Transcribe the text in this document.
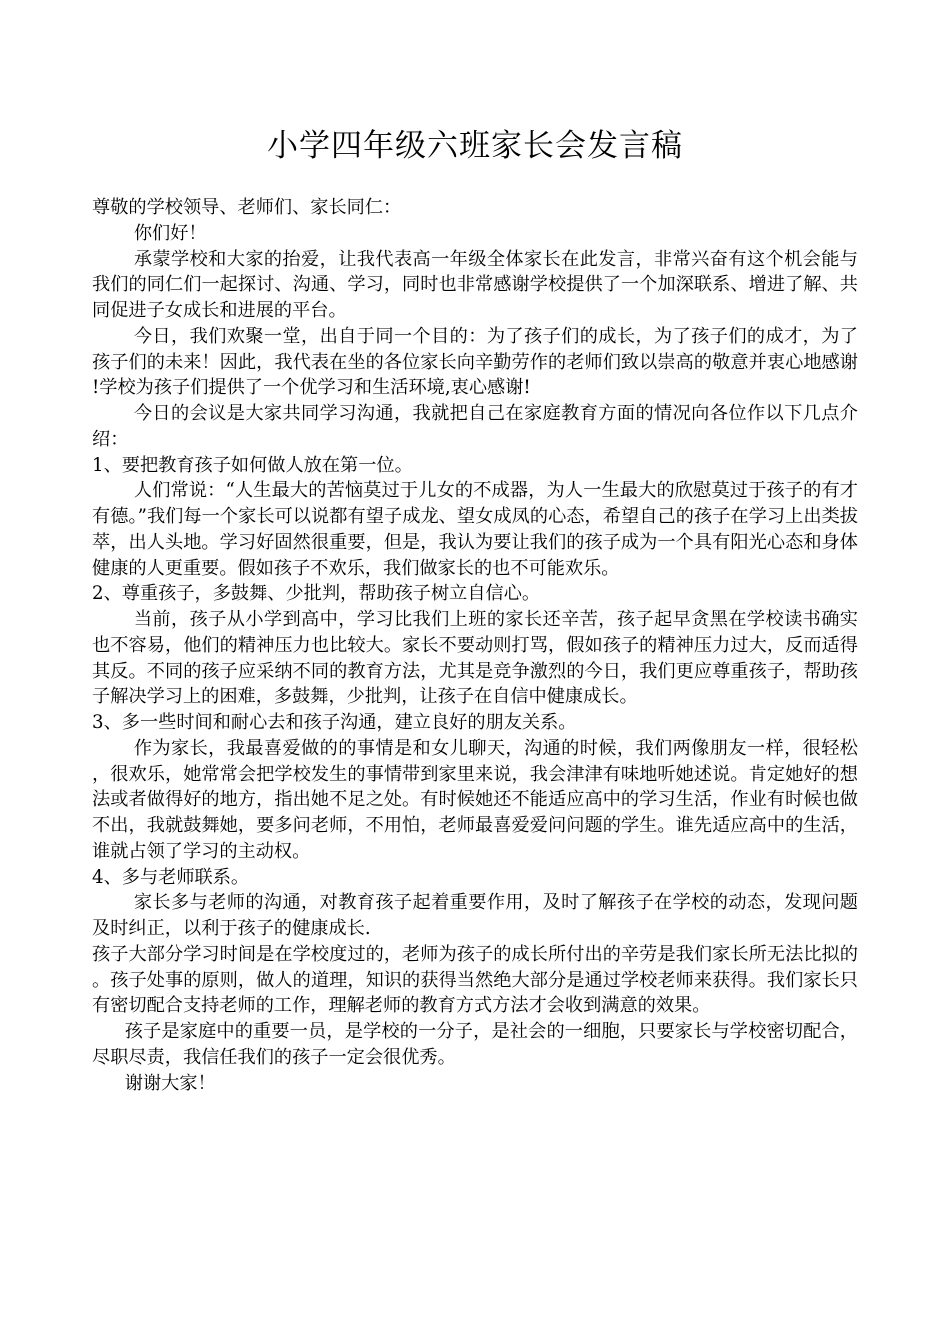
小学四年级六班家长会发言稿

尊敬的学校领导、老师们、家长同仁：

你们好！

承蒙学校和大家的抬爱，让我代表高一年级全体家长在此发言，非常兴奋有这个机会能与我们的同仁们一起探讨、沟通、学习，同时也非常感谢学校提供了一个加深联系、增进了解、共同促进子女成长和进展的平台。

今日，我们欢聚一堂，出自于同一个目的：为了孩子们的成长，为了孩子们的成才，为了孩子们的未来！因此，我代表在坐的各位家长向辛勤劳作的老师们致以崇高的敬意并衷心地感谢!学校为孩子们提供了一个优学习和生活环境,衷心感谢!

今日的会议是大家共同学习沟通，我就把自己在家庭教育方面的情况向各位作以下几点介绍：

1、要把教育孩子如何做人放在第一位。

人们常说：“人生最大的苦恼莫过于儿女的不成器，为人一生最大的欣慰莫过于孩子的有才有德。”我们每一个家长可以说都有望子成龙、望女成凤的心态，希望自己的孩子在学习上出类拔萃，出人头地。学习好固然很重要，但是，我认为要让我们的孩子成为一个具有阳光心态和身体健康的人更重要。假如孩子不欢乐，我们做家长的也不可能欢乐。

2、尊重孩子，多鼓舞、少批判，帮助孩子树立自信心。

当前，孩子从小学到高中，学习比我们上班的家长还辛苦，孩子起早贪黑在学校读书确实也不容易，他们的精神压力也比较大。家长不要动则打骂，假如孩子的精神压力过大，反而适得其反。不同的孩子应采纳不同的教育方法，尤其是竞争激烈的今日，我们更应尊重孩子，帮助孩子解决学习上的困难，多鼓舞，少批判，让孩子在自信中健康成长。

3、多一些时间和耐心去和孩子沟通，建立良好的朋友关系。

作为家长，我最喜爱做的的事情是和女儿聊天，沟通的时候，我们两像朋友一样，很轻松，很欢乐，她常常会把学校发生的事情带到家里来说，我会津津有味地听她述说。肯定她好的想法或者做得好的地方，指出她不足之处。有时候她还不能适应高中的学习生活，作业有时候也做不出，我就鼓舞她，要多问老师，不用怕，老师最喜爱爱问问题的学生。谁先适应高中的生活，谁就占领了学习的主动权。

4、多与老师联系。

家长多与老师的沟通，对教育孩子起着重要作用，及时了解孩子在学校的动态，发现问题及时纠正，以利于孩子的健康成长.

孩子大部分学习时间是在学校度过的，老师为孩子的成长所付出的辛劳是我们家长所无法比拟的。孩子处事的原则，做人的道理，知识的获得当然绝大部分是通过学校老师来获得。我们家长只有密切配合支持老师的工作，理解老师的教育方式方法才会收到满意的效果。

孩子是家庭中的重要一员，是学校的一分子，是社会的一细胞，只要家长与学校密切配合，尽职尽责，我信任我们的孩子一定会很优秀。

谢谢大家！
